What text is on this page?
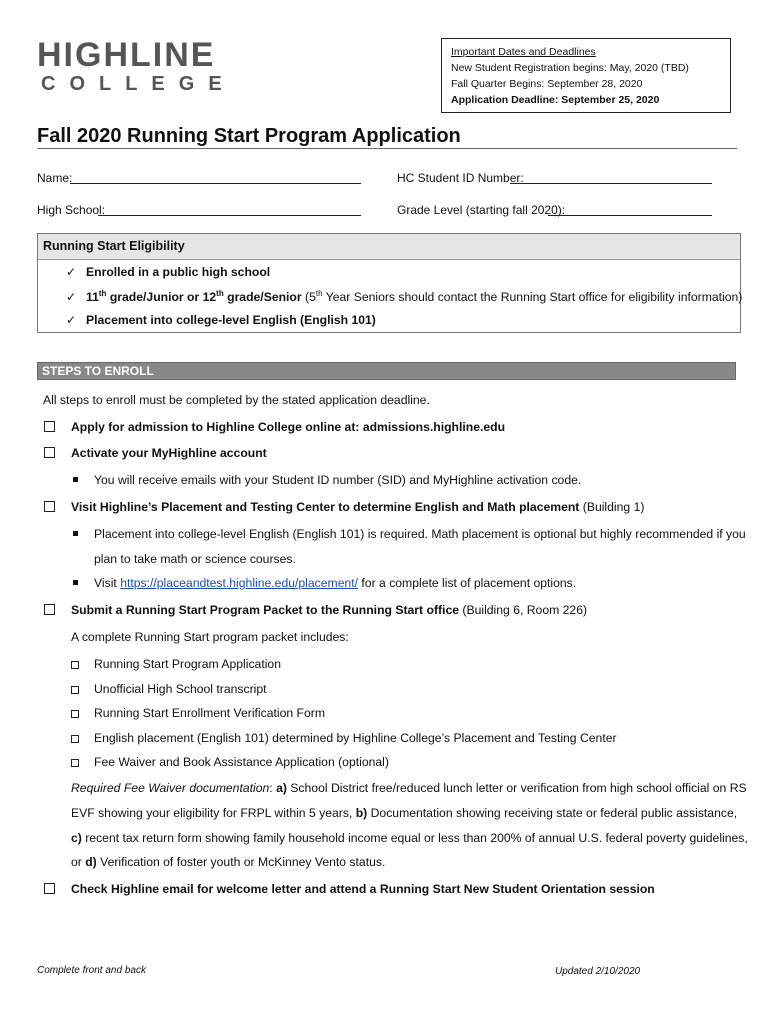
HIGHLINE
COLLEGE
Important Dates and Deadlines
New Student Registration begins: May, 2020 (TBD)
Fall Quarter Begins: September 28, 2020
Application Deadline: September 25, 2020
Fall 2020 Running Start Program Application
Name:	HC Student ID Number:
High School:	Grade Level (starting fall 2020):
Running Start Eligibility
✓ Enrolled in a public high school
✓ 11th grade/Junior or 12th grade/Senior (5th Year Seniors should contact the Running Start office for eligibility information)
✓ Placement into college-level English (English 101)
STEPS TO ENROLL
All steps to enroll must be completed by the stated application deadline.
Apply for admission to Highline College online at: admissions.highline.edu
Activate your MyHighline account
You will receive emails with your Student ID number (SID) and MyHighline activation code.
Visit Highline’s Placement and Testing Center to determine English and Math placement (Building 1)
Placement into college-level English (English 101) is required. Math placement is optional but highly recommended if you
plan to take math or science courses.
Visit https://placeandtest.highline.edu/placement/ for a complete list of placement options.
Submit a Running Start Program Packet to the Running Start office (Building 6, Room 226)
A complete Running Start program packet includes:
Running Start Program Application
Unofficial High School transcript
Running Start Enrollment Verification Form
English placement (English 101) determined by Highline College’s Placement and Testing Center
Fee Waiver and Book Assistance Application (optional)
Required Fee Waiver documentation: a) School District free/reduced lunch letter or verification from high school official on RS
EVF showing your eligibility for FRPL within 5 years, b) Documentation showing receiving state or federal public assistance,
c) recent tax return form showing family household income equal or less than 200% of annual U.S. federal poverty guidelines,
or d) Verification of foster youth or McKinney Vento status.
Check Highline email for welcome letter and attend a Running Start New Student Orientation session
Complete front and back	Updated 2/10/2020
